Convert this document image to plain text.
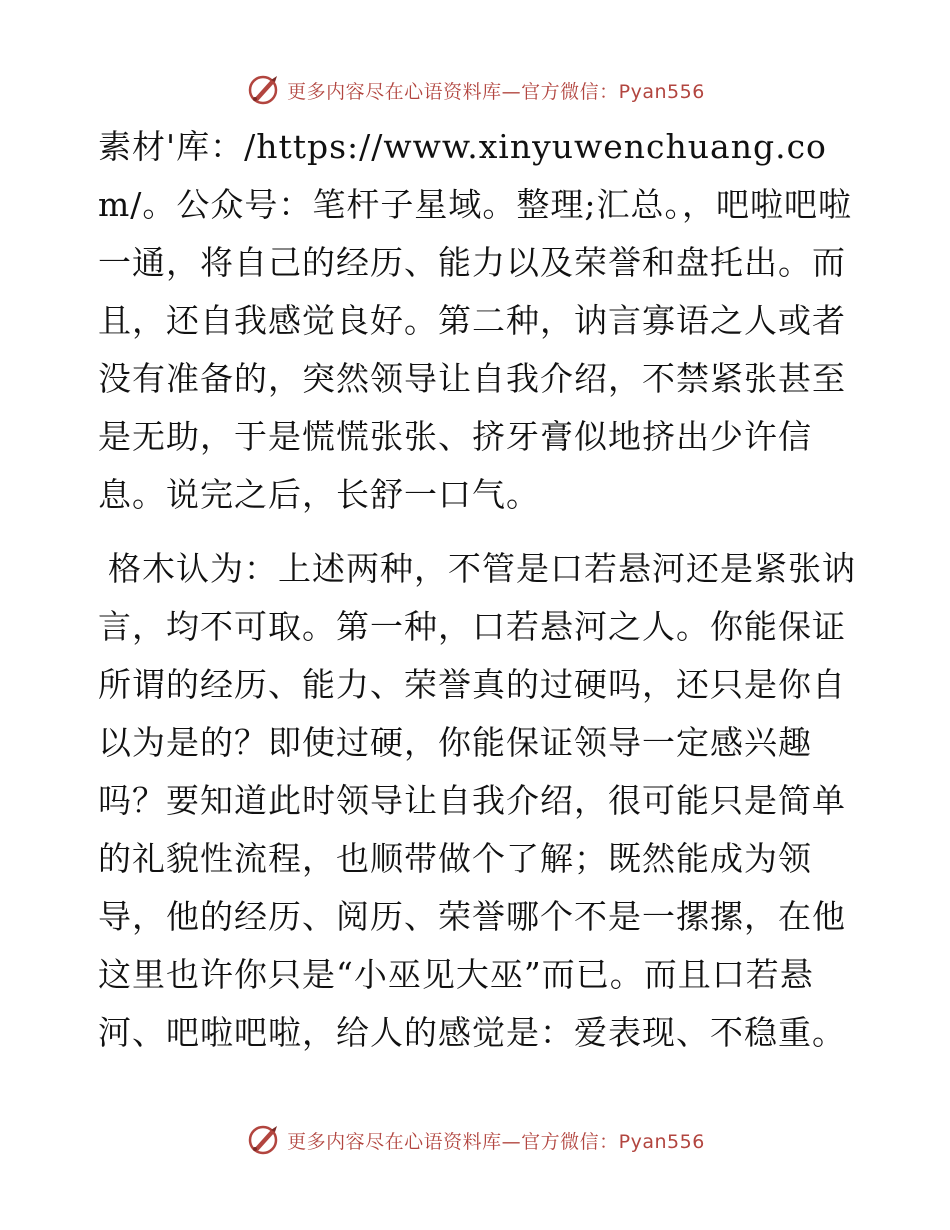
更多内容尽在心语资料库—官方微信：Pyan556

素材'库：/https://www.xinyuwenchuang.com/。公众号：笔杆子星域。整理;汇总。，吧啦吧啦一通，将自己的经历、能力以及荣誉和盘托出。而且，还自我感觉良好。第二种，讷言寡语之人或者没有准备的，突然领导让自我介绍，不禁紧张甚至是无助，于是慌慌张张、挤牙膏似地挤出少许信息。说完之后，长舒一口气。

格木认为：上述两种，不管是口若悬河还是紧张讷言，均不可取。第一种，口若悬河之人。你能保证所谓的经历、能力、荣誉真的过硬吗，还只是你自以为是的？即使过硬，你能保证领导一定感兴趣吗？要知道此时领导让自我介绍，很可能只是简单的礼貌性流程，也顺带做个了解；既然能成为领导，他的经历、阅历、荣誉哪个不是一摞摞，在他这里也许你只是“小巫见大巫”而已。而且口若悬河、吧啦吧啦，给人的感觉是：爱表现、不稳重。

更多内容尽在心语资料库—官方微信：Pyan556
